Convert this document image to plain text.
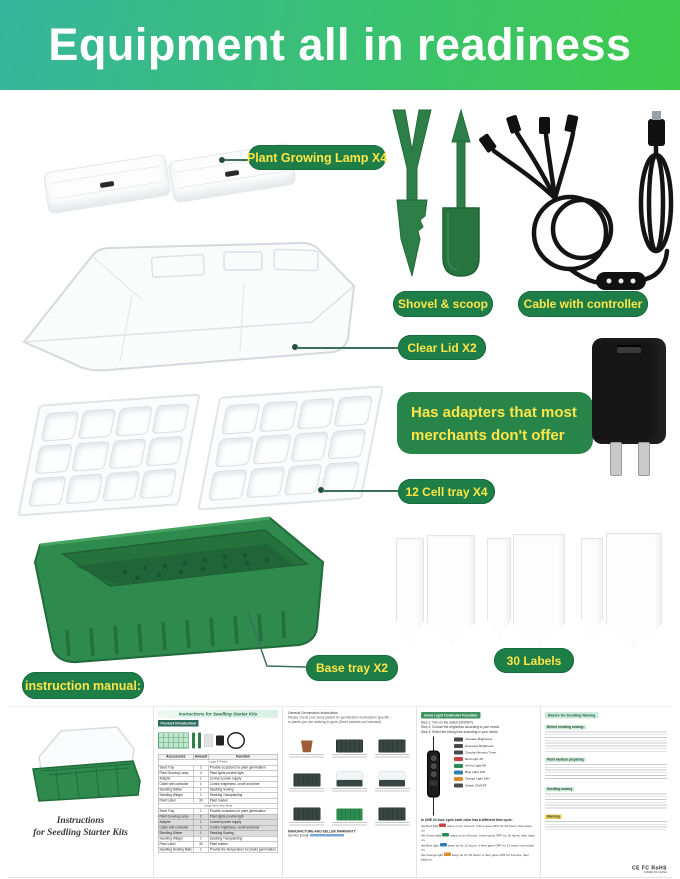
Equipment all in readiness
Plant Growing Lamp X4
Shovel & scoop	Cable with controller
Clear Lid X2
Has adapters that most
merchants don't offer
12 Cell tray X4
Base tray X2
30 Labels
instruction manual:
Instructions
for Seedling Starter Kits
Instructions for Seedling Starter Kits
Product Introduction
Accessories	Amount	Function
Large 6 Packs		
Seed Tray	2	Provide occasions for plant germination
Plant Growing Lamp	4	Plant lights provide light
Adapter	1	Connect power supply
Cable with controller	1	Control brightness, on/off and timer
Seedling Dibber	1	Seedling Sowing
Seedling Widger	1	Seedling Transplanting
Plant Label	30	Plant marker
Large with Heat Mats		
Seed Tray	1	Provide occasions for plant germination
Plant Growing Lamp	2	Plant lights provide light
Adapter	1	Connect power supply
Cable with controller	1	Control brightness, on/off and timer
Seedling Dibber	1	Seedling Sowing
Seedling Widger	1	Seedling Transplanting
Plant Label	30	Plant marker
Seedling Heating Mats	1	Provide the temperature for plants germination
General Germination Instructions
Please check your seed packet for germination instructions specific
to plants you are seeking to grow (Seed packets not included)
MANUFACTURE-AND-SELLER WARRANTY
Service Email:
Grow Light Controller Function
Step 1: Turn on the switch (ON/OFF).
Step 2: Choose the brightness according to your needs.
Step 3: Select the timing time according to your needs.
Increase Brightness
Decrease Brightness
Circular Memory Timer
Red Light 4H
Green Light 8H
Blue Light 12H
Orange Light 18H
Switch ON/OFF
In ONE 24 hour cycle each color has a different time cycle.
the Red light stays on for 4 hours. It then goes OFF for 20 hours, then back on.
the Green light stays on for 8 hours. It then goes OFF for 16 hours, then back on.
the Blue light stays on for 12 hours. It then goes OFF for 12 hours, then back on.
the Orange light stays on for 18 hours. It then goes OFF for 6 hours, then back on.
Basics for Seedling Raising
Before seedling sowing:
Plant medium preparing
Seedling sowing
Warning
CE FC RoHS
MADE IN CHINA
